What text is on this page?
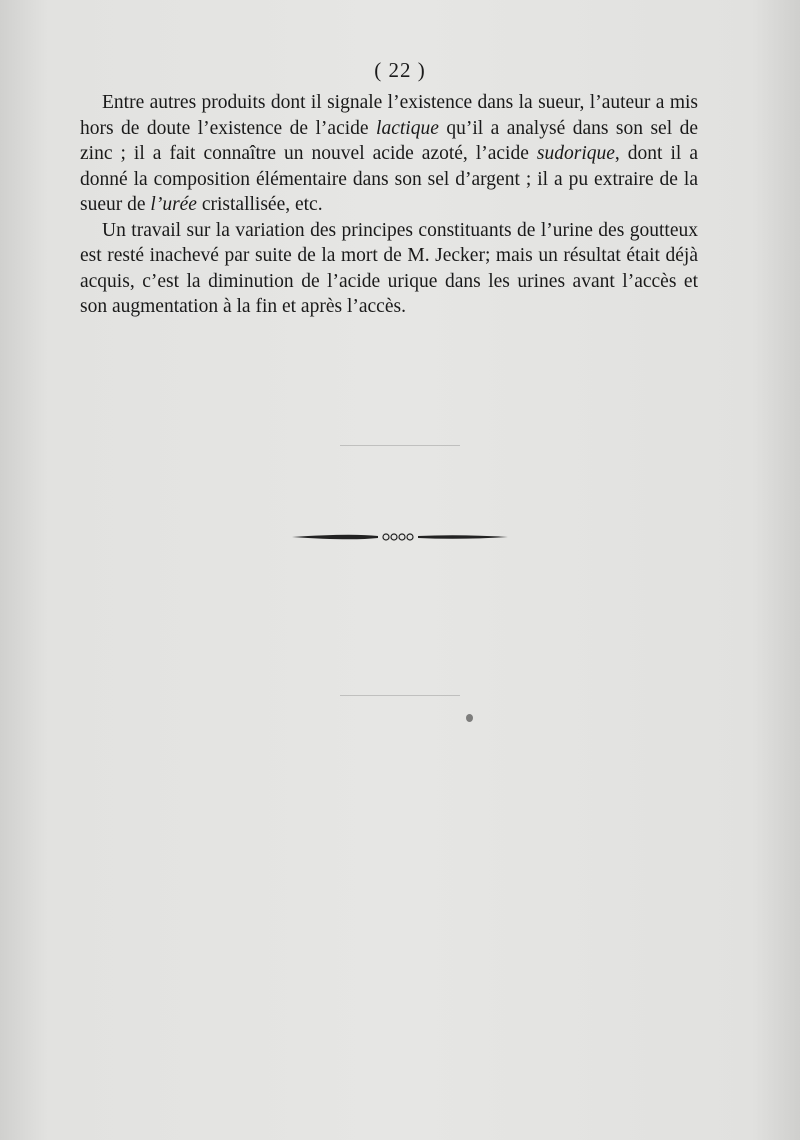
( 22 )

Entre autres produits dont il signale l’existence dans la sueur, l’auteur a mis hors de doute l’existence de l’acide lactique qu’il a analysé dans son sel de zinc ; il a fait connaître un nouvel acide azoté, l’acide sudorique, dont il a donné la composition élémentaire dans son sel d’argent ; il a pu extraire de la sueur de l’urée cristallisée, etc.

Un travail sur la variation des principes constituants de l’urine des goutteux est resté inachevé par suite de la mort de M. Jecker; mais un résultat était déjà acquis, c’est la diminution de l’acide urique dans les urines avant l’accès et son augmentation à la fin et après l’accès.
